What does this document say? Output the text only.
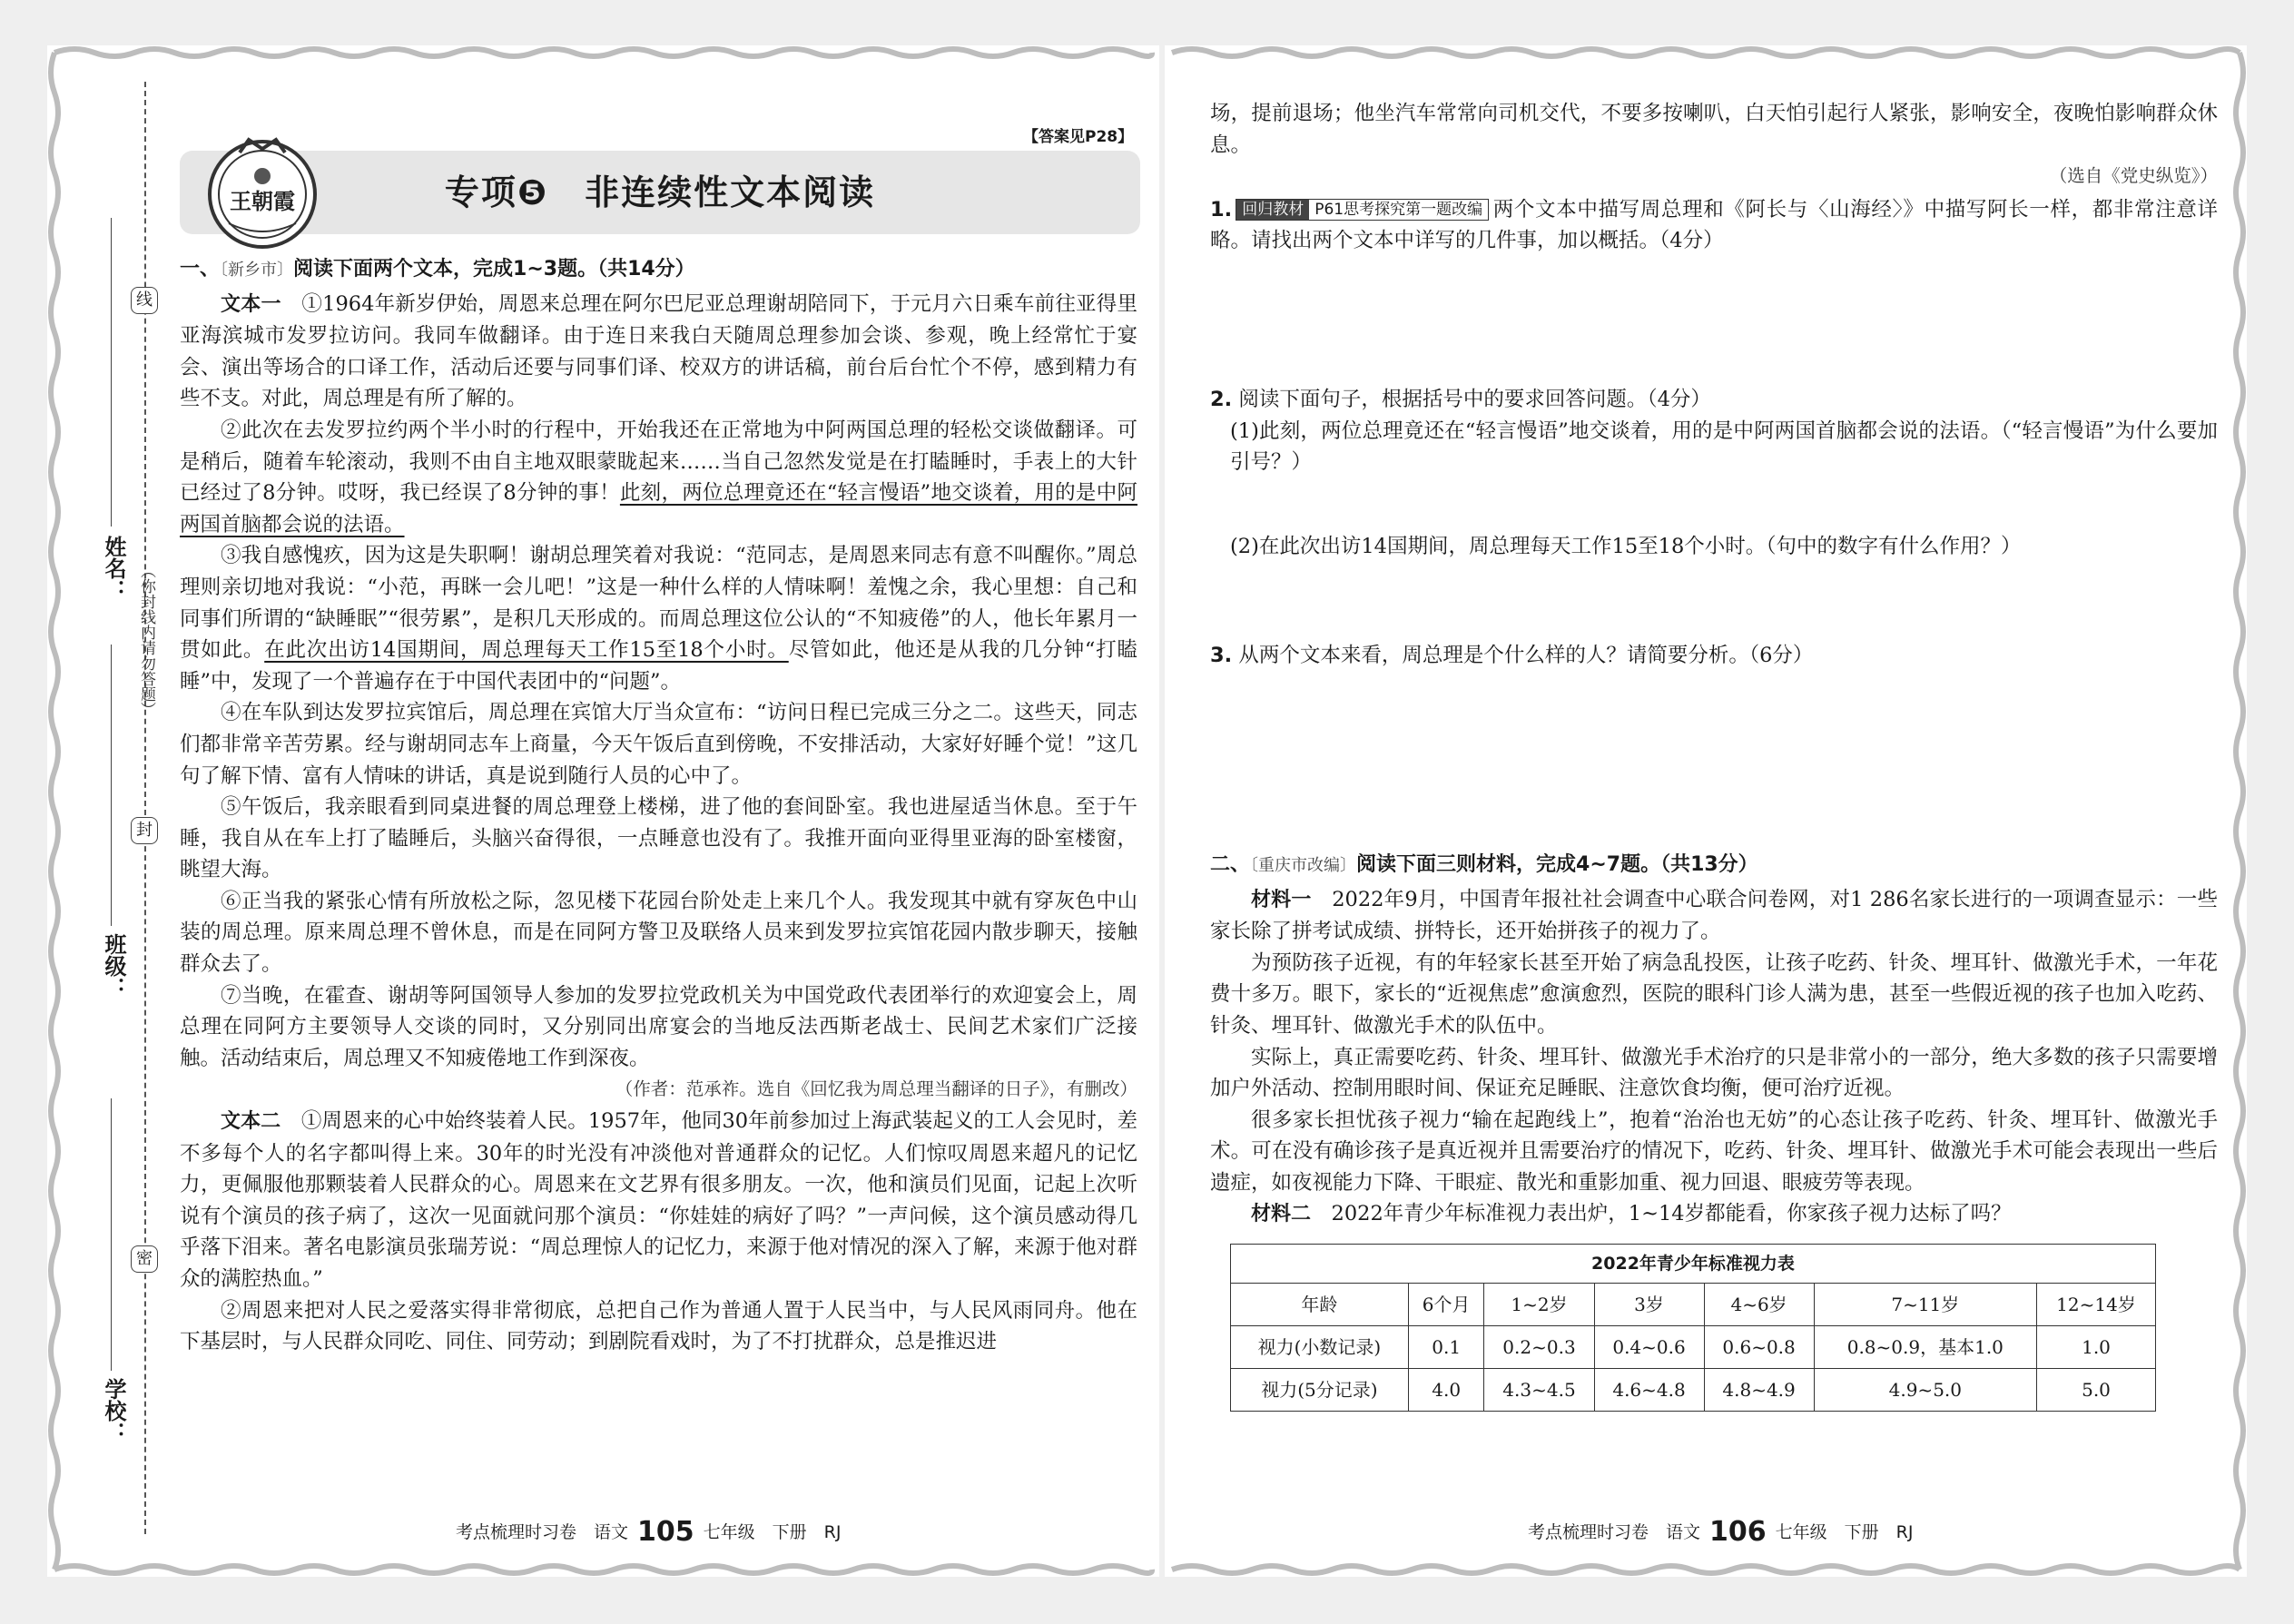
线
封
密
（你封线内请勿答题）
姓名：
班级：
学校：
【答案见P28】
专项❺　非连续性文本阅读
王朝霞

一、〔新乡市〕阅读下面两个文本，完成1~3题。（共14分）

文本一　 ①1964年新岁伊始，周恩来总理在阿尔巴尼亚总理谢胡陪同下，于元月六日乘车前往亚得里亚海滨城市发罗拉访问。我同车做翻译。由于连日来我白天随周总理参加会谈、参观，晚上经常忙于宴会、演出等场合的口译工作，活动后还要与同事们译、校双方的讲话稿，前台后台忙个不停，感到精力有些不支。对此，周总理是有所了解的。

②此次在去发罗拉约两个半小时的行程中，开始我还在正常地为中阿两国总理的轻松交谈做翻译。可是稍后，随着车轮滚动，我则不由自主地双眼蒙眬起来……当自己忽然发觉是在打瞌睡时，手表上的大针已经过了8分钟。哎呀，我已经误了8分钟的事！此刻，两位总理竟还在“轻言慢语”地交谈着，用的是中阿两国首脑都会说的法语。

③我自感愧疚，因为这是失职啊！谢胡总理笑着对我说：“范同志，是周恩来同志有意不叫醒你。”周总理则亲切地对我说：“小范，再眯一会儿吧！”这是一种什么样的人情味啊！羞愧之余，我心里想：自己和同事们所谓的“缺睡眠”“很劳累”，是积几天形成的。而周总理这位公认的“不知疲倦”的人，他长年累月一贯如此。在此次出访14国期间，周总理每天工作15至18个小时。尽管如此，他还是从我的几分钟“打瞌睡”中，发现了一个普遍存在于中国代表团中的“问题”。

④在车队到达发罗拉宾馆后，周总理在宾馆大厅当众宣布：“访问日程已完成三分之二。这些天，同志们都非常辛苦劳累。经与谢胡同志车上商量，今天午饭后直到傍晚，不安排活动，大家好好睡个觉！”这几句了解下情、富有人情味的讲话，真是说到随行人员的心中了。

⑤午饭后，我亲眼看到同桌进餐的周总理登上楼梯，进了他的套间卧室。我也进屋适当休息。至于午睡，我自从在车上打了瞌睡后，头脑兴奋得很，一点睡意也没有了。我推开面向亚得里亚海的卧室楼窗，眺望大海。

⑥正当我的紧张心情有所放松之际，忽见楼下花园台阶处走上来几个人。我发现其中就有穿灰色中山装的周总理。原来周总理不曾休息，而是在同阿方警卫及联络人员来到发罗拉宾馆花园内散步聊天，接触群众去了。

⑦当晚，在霍查、谢胡等阿国领导人参加的发罗拉党政机关为中国党政代表团举行的欢迎宴会上，周总理在同阿方主要领导人交谈的同时，又分别同出席宴会的当地反法西斯老战士、民间艺术家们广泛接触。活动结束后，周总理又不知疲倦地工作到深夜。

（作者：范承祚。选自《回忆我为周总理当翻译的日子》，有删改）

文本二　 ①周恩来的心中始终装着人民。1957年，他同30年前参加过上海武装起义的工人会见时，差不多每个人的名字都叫得上来。30年的时光没有冲淡他对普通群众的记忆。人们惊叹周恩来超凡的记忆力，更佩服他那颗装着人民群众的心。周恩来在文艺界有很多朋友。一次，他和演员们见面，记起上次听说有个演员的孩子病了，这次一见面就问那个演员：“你娃娃的病好了吗？”一声问候，这个演员感动得几乎落下泪来。著名电影演员张瑞芳说：“周总理惊人的记忆力，来源于他对情况的深入了解，来源于他对群众的满腔热血。”

②周恩来把对人民之爱落实得非常彻底，总把自己作为普通人置于人民当中，与人民风雨同舟。他在下基层时，与人民群众同吃、同住、同劳动；到剧院看戏时，为了不打扰群众，总是推迟进

考点梳理时习卷　语文 105 七年级　下册　RJ

场，提前退场；他坐汽车常常向司机交代，不要多按喇叭，白天怕引起行人紧张，影响安全，夜晚怕影响群众休息。

（选自《党史纵览》）

1. 回归教材 P61思考探究第一题改编 两个文本中描写周总理和《阿长与〈山海经〉》中描写阿长一样，都非常注意详略。请找出两个文本中详写的几件事，加以概括。（4分）

2. 阅读下面句子，根据括号中的要求回答问题。（4分）

(1)此刻，两位总理竟还在“轻言慢语”地交谈着，用的是中阿两国首脑都会说的法语。（“轻言慢语”为什么要加引号？）

(2)在此次出访14国期间，周总理每天工作15至18个小时。（句中的数字有什么作用？）

3. 从两个文本来看，周总理是个什么样的人？请简要分析。（6分）

二、〔重庆市改编〕阅读下面三则材料，完成4~7题。（共13分）

材料一　 2022年9月，中国青年报社社会调查中心联合问卷网，对1 286名家长进行的一项调查显示：一些家长除了拼考试成绩、拼特长，还开始拼孩子的视力了。

为预防孩子近视，有的年轻家长甚至开始了病急乱投医，让孩子吃药、针灸、埋耳针、做激光手术，一年花费十多万。眼下，家长的“近视焦虑”愈演愈烈，医院的眼科门诊人满为患，甚至一些假近视的孩子也加入吃药、针灸、埋耳针、做激光手术的队伍中。

实际上，真正需要吃药、针灸、埋耳针、做激光手术治疗的只是非常小的一部分，绝大多数的孩子只需要增加户外活动、控制用眼时间、保证充足睡眠、注意饮食均衡，便可治疗近视。

很多家长担忧孩子视力“输在起跑线上”，抱着“治治也无妨”的心态让孩子吃药、针灸、埋耳针、做激光手术。可在没有确诊孩子是真近视并且需要治疗的情况下，吃药、针灸、埋耳针、做激光手术可能会表现出一些后遗症，如夜视能力下降、干眼症、散光和重影加重、视力回退、眼疲劳等表现。

材料二　 2022年青少年标准视力表出炉，1~14岁都能看，你家孩子视力达标了吗？

2022年青少年标准视力表						
年龄	6个月	1~2岁	3岁	4~6岁	7~11岁	12~14岁
视力(小数记录)	0.1	0.2~0.3	0.4~0.6	0.6~0.8	0.8~0.9，基本1.0	1.0
视力(5分记录)	4.0	4.3~4.5	4.6~4.8	4.8~4.9	4.9~5.0	5.0
考点梳理时习卷　语文 106 七年级　下册　RJ
